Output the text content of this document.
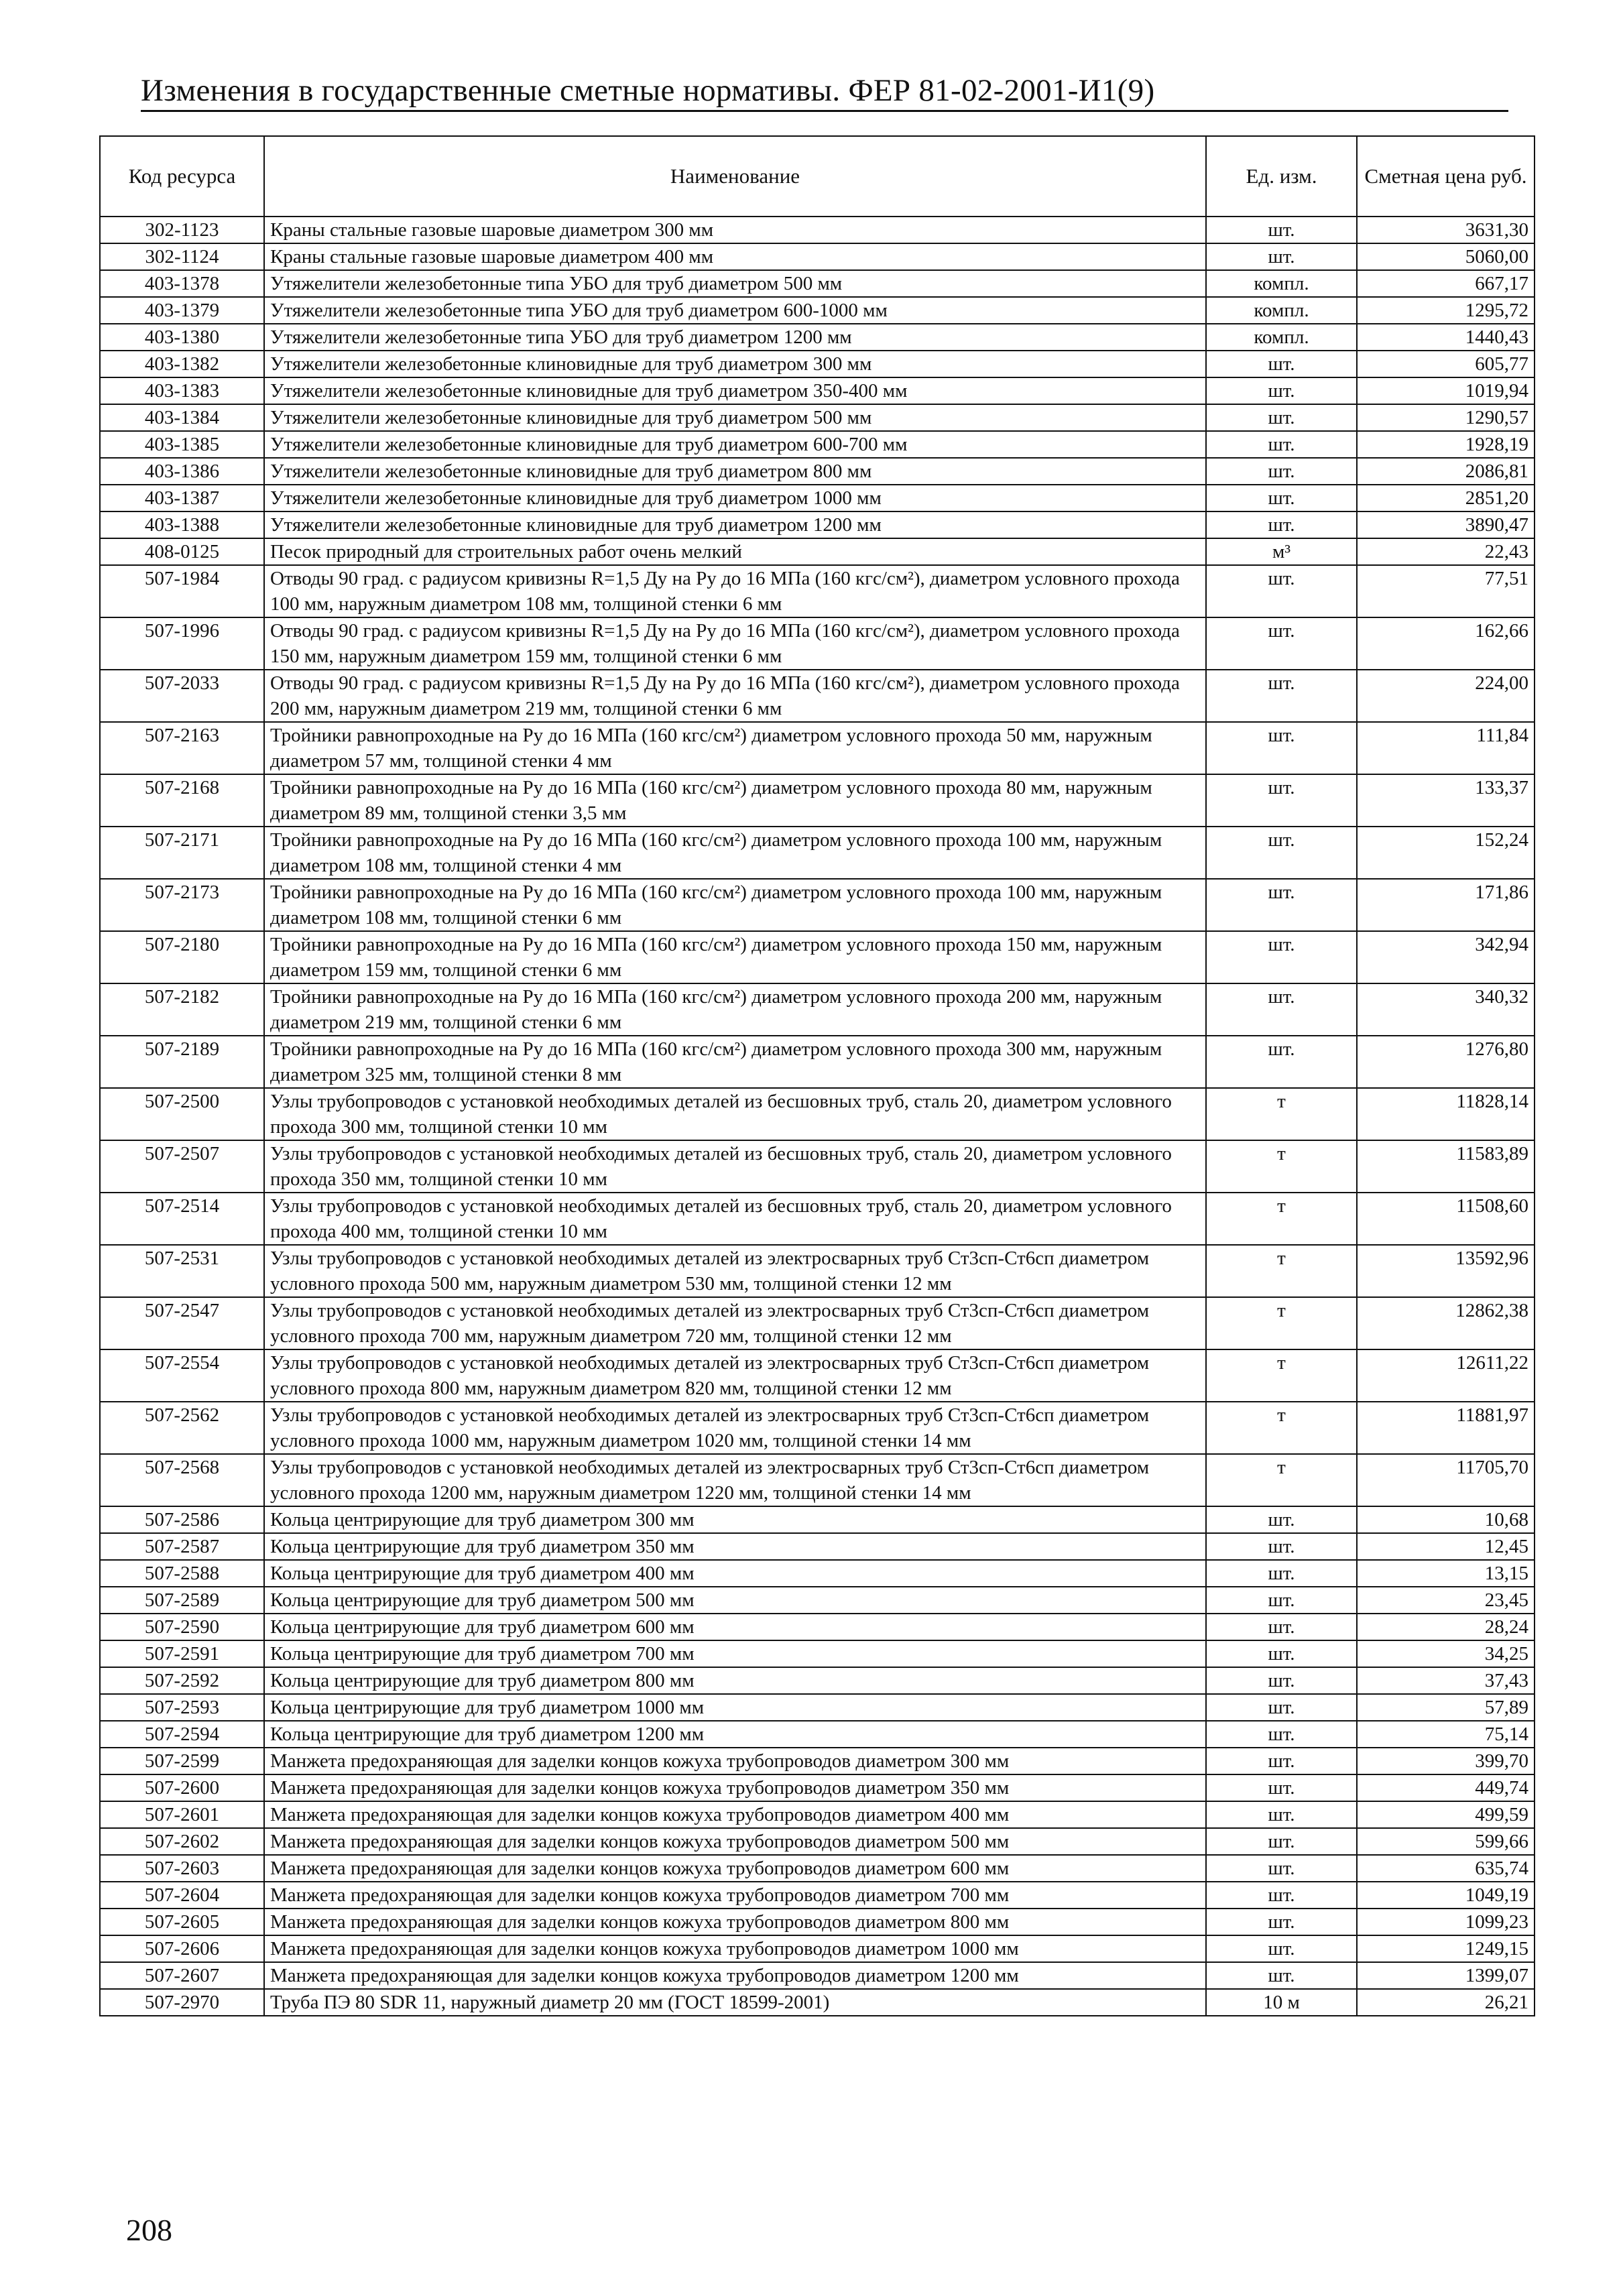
Изменения в государственные сметные нормативы. ФЕР 81-02-2001-И1(9)
Код ресурса	Наименование	Ед. изм.	Сметная цена руб.
302-1123	Краны стальные газовые шаровые диаметром 300 мм	шт.	3631,30
302-1124	Краны стальные газовые шаровые диаметром 400 мм	шт.	5060,00
403-1378	Утяжелители железобетонные типа УБО для труб диаметром 500 мм	компл.	667,17
403-1379	Утяжелители железобетонные типа УБО для труб диаметром 600-1000 мм	компл.	1295,72
403-1380	Утяжелители железобетонные типа УБО для труб диаметром 1200 мм	компл.	1440,43
403-1382	Утяжелители железобетонные клиновидные для труб диаметром 300 мм	шт.	605,77
403-1383	Утяжелители железобетонные клиновидные для труб диаметром 350-400 мм	шт.	1019,94
403-1384	Утяжелители железобетонные клиновидные для труб диаметром 500 мм	шт.	1290,57
403-1385	Утяжелители железобетонные клиновидные для труб диаметром 600-700 мм	шт.	1928,19
403-1386	Утяжелители железобетонные клиновидные для труб диаметром 800 мм	шт.	2086,81
403-1387	Утяжелители железобетонные клиновидные для труб диаметром 1000 мм	шт.	2851,20
403-1388	Утяжелители железобетонные клиновидные для труб диаметром 1200 мм	шт.	3890,47
408-0125	Песок природный для строительных работ очень мелкий	м³	22,43
507-1984	Отводы 90 град. с радиусом кривизны R=1,5 Ду на Ру до 16 МПа (160 кгс/см²), диаметром условного прохода 100 мм, наружным диаметром 108 мм, толщиной стенки 6 мм	шт.	77,51
507-1996	Отводы 90 град. с радиусом кривизны R=1,5 Ду на Ру до 16 МПа (160 кгс/см²), диаметром условного прохода 150 мм, наружным диаметром 159 мм, толщиной стенки 6 мм	шт.	162,66
507-2033	Отводы 90 град. с радиусом кривизны R=1,5 Ду на Ру до 16 МПа (160 кгс/см²), диаметром условного прохода 200 мм, наружным диаметром 219 мм, толщиной стенки 6 мм	шт.	224,00
507-2163	Тройники равнопроходные на Ру до 16 МПа (160 кгс/см²) диаметром условного прохода 50 мм, наружным диаметром 57 мм, толщиной стенки 4 мм	шт.	111,84
507-2168	Тройники равнопроходные на Ру до 16 МПа (160 кгс/см²) диаметром условного прохода 80 мм, наружным диаметром 89 мм, толщиной стенки 3,5 мм	шт.	133,37
507-2171	Тройники равнопроходные на Ру до 16 МПа (160 кгс/см²) диаметром условного прохода 100 мм, наружным диаметром 108 мм, толщиной стенки 4 мм	шт.	152,24
507-2173	Тройники равнопроходные на Ру до 16 МПа (160 кгс/см²) диаметром условного прохода 100 мм, наружным диаметром 108 мм, толщиной стенки 6 мм	шт.	171,86
507-2180	Тройники равнопроходные на Ру до 16 МПа (160 кгс/см²) диаметром условного прохода 150 мм, наружным диаметром 159 мм, толщиной стенки 6 мм	шт.	342,94
507-2182	Тройники равнопроходные на Ру до 16 МПа (160 кгс/см²) диаметром условного прохода 200 мм, наружным диаметром 219 мм, толщиной стенки 6 мм	шт.	340,32
507-2189	Тройники равнопроходные на Ру до 16 МПа (160 кгс/см²) диаметром условного прохода 300 мм, наружным диаметром 325 мм, толщиной стенки 8 мм	шт.	1276,80
507-2500	Узлы трубопроводов с установкой необходимых деталей из бесшовных труб, сталь 20, диаметром условного прохода 300 мм, толщиной стенки 10 мм	т	11828,14
507-2507	Узлы трубопроводов с установкой необходимых деталей из бесшовных труб, сталь 20, диаметром условного прохода 350 мм, толщиной стенки 10 мм	т	11583,89
507-2514	Узлы трубопроводов с установкой необходимых деталей из бесшовных труб, сталь 20, диаметром условного прохода 400 мм, толщиной стенки 10 мм	т	11508,60
507-2531	Узлы трубопроводов с установкой необходимых деталей из электросварных труб Ст3сп-Ст6сп диаметром условного прохода 500 мм, наружным диаметром 530 мм, толщиной стенки 12 мм	т	13592,96
507-2547	Узлы трубопроводов с установкой необходимых деталей из электросварных труб Ст3сп-Ст6сп диаметром условного прохода 700 мм, наружным диаметром 720 мм, толщиной стенки 12 мм	т	12862,38
507-2554	Узлы трубопроводов с установкой необходимых деталей из электросварных труб Ст3сп-Ст6сп диаметром условного прохода 800 мм, наружным диаметром 820 мм, толщиной стенки 12 мм	т	12611,22
507-2562	Узлы трубопроводов с установкой необходимых деталей из электросварных труб Ст3сп-Ст6сп диаметром условного прохода 1000 мм, наружным диаметром 1020 мм, толщиной стенки 14 мм	т	11881,97
507-2568	Узлы трубопроводов с установкой необходимых деталей из электросварных труб Ст3сп-Ст6сп диаметром условного прохода 1200 мм, наружным диаметром 1220 мм, толщиной стенки 14 мм	т	11705,70
507-2586	Кольца центрирующие для труб диаметром 300 мм	шт.	10,68
507-2587	Кольца центрирующие для труб диаметром 350 мм	шт.	12,45
507-2588	Кольца центрирующие для труб диаметром 400 мм	шт.	13,15
507-2589	Кольца центрирующие для труб диаметром 500 мм	шт.	23,45
507-2590	Кольца центрирующие для труб диаметром 600 мм	шт.	28,24
507-2591	Кольца центрирующие для труб диаметром 700 мм	шт.	34,25
507-2592	Кольца центрирующие для труб диаметром 800 мм	шт.	37,43
507-2593	Кольца центрирующие для труб диаметром 1000 мм	шт.	57,89
507-2594	Кольца центрирующие для труб диаметром 1200 мм	шт.	75,14
507-2599	Манжета предохраняющая для заделки концов кожуха трубопроводов диаметром 300 мм	шт.	399,70
507-2600	Манжета предохраняющая для заделки концов кожуха трубопроводов диаметром 350 мм	шт.	449,74
507-2601	Манжета предохраняющая для заделки концов кожуха трубопроводов диаметром 400 мм	шт.	499,59
507-2602	Манжета предохраняющая для заделки концов кожуха трубопроводов диаметром 500 мм	шт.	599,66
507-2603	Манжета предохраняющая для заделки концов кожуха трубопроводов диаметром 600 мм	шт.	635,74
507-2604	Манжета предохраняющая для заделки концов кожуха трубопроводов диаметром 700 мм	шт.	1049,19
507-2605	Манжета предохраняющая для заделки концов кожуха трубопроводов диаметром 800 мм	шт.	1099,23
507-2606	Манжета предохраняющая для заделки концов кожуха трубопроводов диаметром 1000 мм	шт.	1249,15
507-2607	Манжета предохраняющая для заделки концов кожуха трубопроводов диаметром 1200 мм	шт.	1399,07
507-2970	Труба ПЭ 80 SDR 11, наружный диаметр 20 мм (ГОСТ 18599-2001)	10 м	26,21
208
